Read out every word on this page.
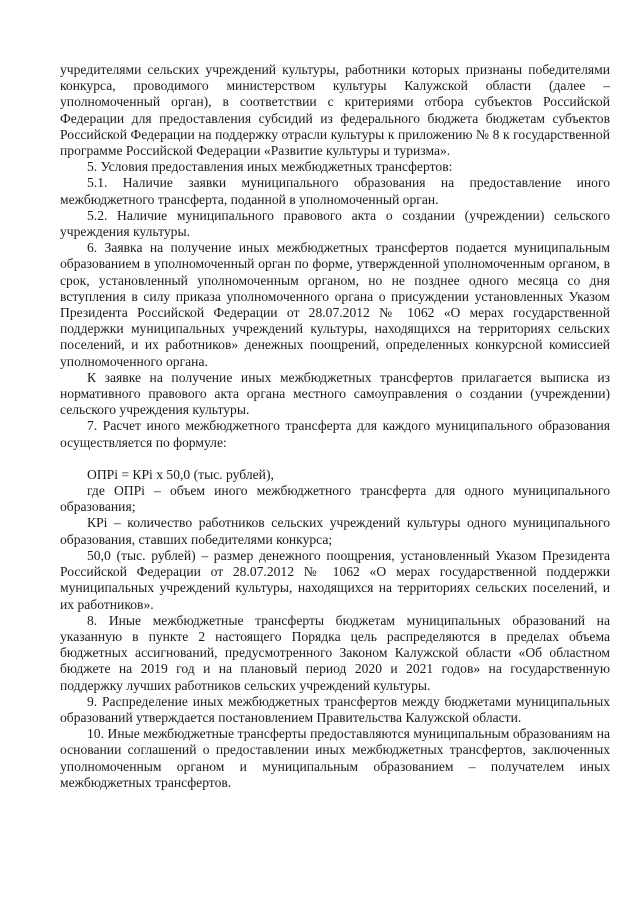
учредителями сельских учреждений культуры, работники которых признаны победителями конкурса, проводимого министерством культуры Калужской области (далее – уполномоченный орган), в соответствии с критериями отбора субъектов Российской Федерации для предоставления субсидий из федерального бюджета бюджетам субъектов Российской Федерации на поддержку отрасли культуры к приложению № 8 к государственной программе Российской Федерации «Развитие культуры и туризма».

5. Условия предоставления иных межбюджетных трансфертов:

5.1. Наличие заявки муниципального образования на предоставление иного межбюджетного трансферта, поданной в уполномоченный орган.

5.2. Наличие муниципального правового акта о создании (учреждении) сельского учреждения культуры.

6. Заявка на получение иных межбюджетных трансфертов подается муниципальным образованием в уполномоченный орган по форме, утвержденной уполномоченным органом, в срок, установленный уполномоченным органом, но не позднее одного месяца со дня вступления в силу приказа уполномоченного органа о присуждении установленных Указом Президента Российской Федерации от 28.07.2012 № 1062 «О мерах государственной поддержки муниципальных учреждений культуры, находящихся на территориях сельских поселений, и их работников» денежных поощрений, определенных конкурсной комиссией уполномоченного органа.

К заявке на получение иных межбюджетных трансфертов прилагается выписка из нормативного правового акта органа местного самоуправления о создании (учреждении) сельского учреждения культуры.

7. Расчет иного межбюджетного трансферта для каждого муниципального образования осуществляется по формуле:

ОПРi = КРi х 50,0 (тыс. рублей),

где ОПРi – объем иного межбюджетного трансферта для одного муниципального образования;

КРi – количество работников сельских учреждений культуры одного муниципального образования, ставших победителями конкурса;

50,0 (тыс. рублей) – размер денежного поощрения, установленный Указом Президента Российской Федерации от 28.07.2012 № 1062 «О мерах государственной поддержки муниципальных учреждений культуры, находящихся на территориях сельских поселений, и их работников».

8. Иные межбюджетные трансферты бюджетам муниципальных образований на указанную в пункте 2 настоящего Порядка цель распределяются в пределах объема бюджетных ассигнований, предусмотренного Законом Калужской области «Об областном бюджете на 2019 год и на плановый период 2020 и 2021 годов» на государственную поддержку лучших работников сельских учреждений культуры.

9. Распределение иных межбюджетных трансфертов между бюджетами муниципальных образований утверждается постановлением Правительства Калужской области.

10. Иные межбюджетные трансферты предоставляются муниципальным образованиям на основании соглашений о предоставлении иных межбюджетных трансфертов, заключенных уполномоченным органом и муниципальным образованием – получателем иных межбюджетных трансфертов.
